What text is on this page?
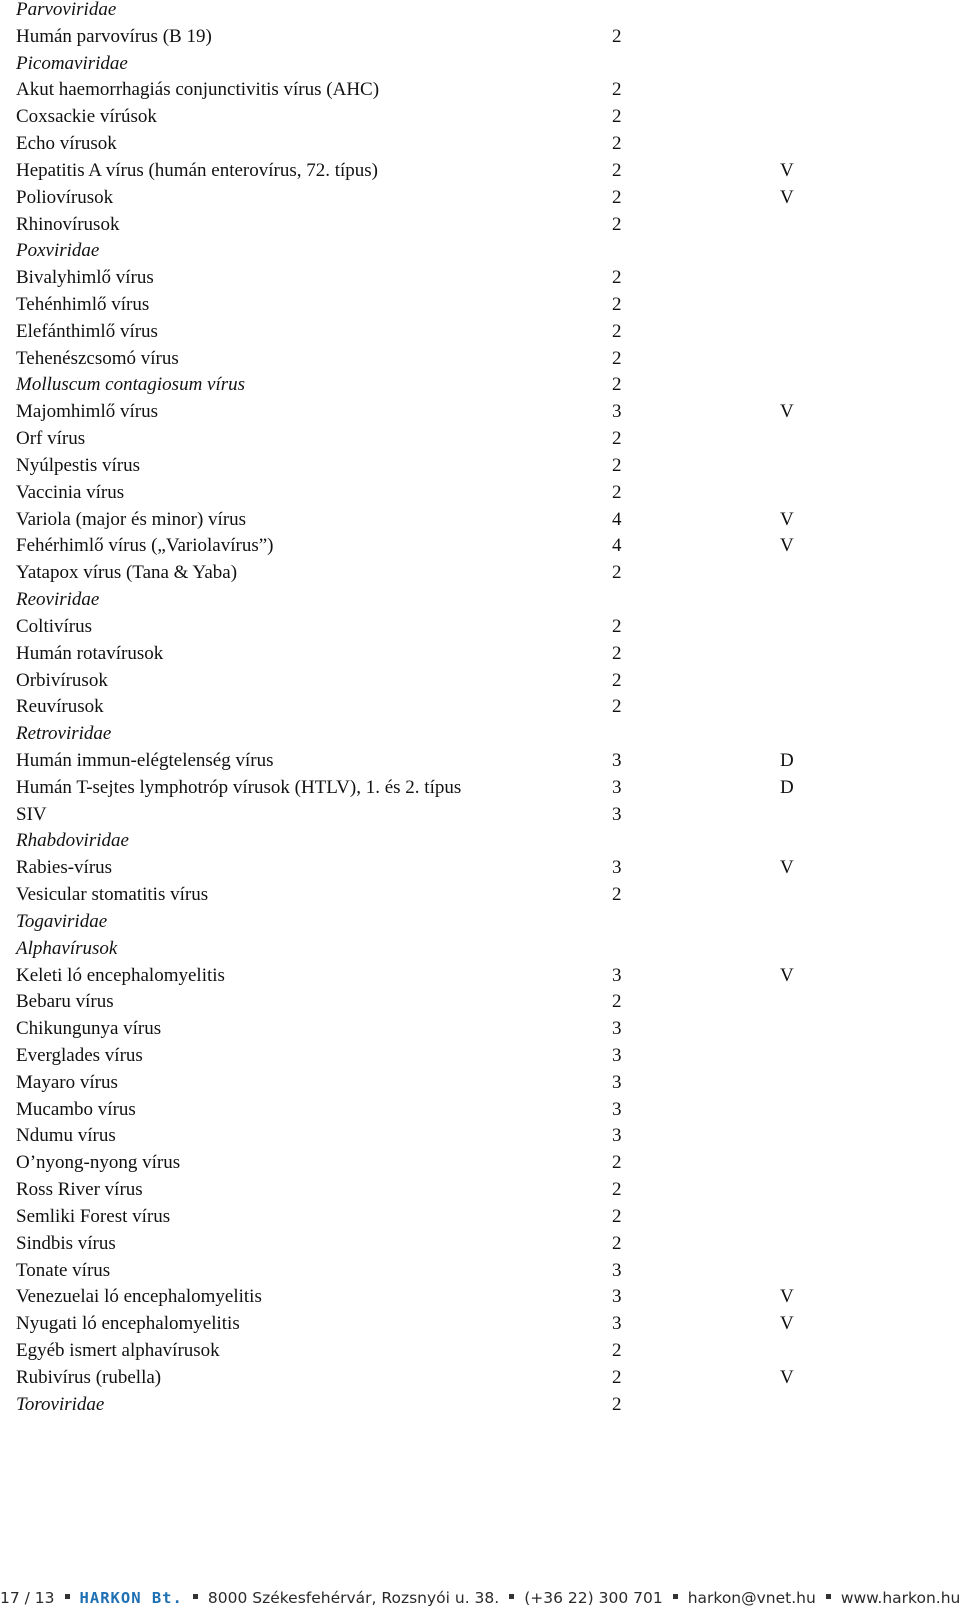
Parvoviridae
Humán parvovírus (B 19)	2
Picomaviridae
Akut haemorrhagiás conjunctivitis vírus (AHC)	2
Coxsackie vírúsok	2
Echo vírusok	2
Hepatitis A vírus (humán enterovírus, 72. típus)	2	V
Poliovírusok	2	V
Rhinovírusok	2
Poxviridae
Bivalyhimlő vírus	2
Tehénhimlő vírus	2
Elefánthimlő vírus	2
Tehenészcsomó vírus	2
Molluscum contagiosum vírus	2
Majomhimlő vírus	3	V
Orf vírus	2
Nyúlpestis vírus	2
Vaccinia vírus	2
Variola (major és minor) vírus	4	V
Fehérhimlő vírus („Variolavírus”)	4	V
Yatapox vírus (Tana & Yaba)	2
Reoviridae
Coltivírus	2
Humán rotavírusok	2
Orbivírusok	2
Reuvírusok	2
Retroviridae
Humán immun-elégtelenség vírus	3	D
Humán T-sejtes lymphotróp vírusok (HTLV), 1. és 2. típus	3	D
SIV	3
Rhabdoviridae
Rabies-vírus	3	V
Vesicular stomatitis vírus	2
Togaviridae
Alphavírusok
Keleti ló encephalomyelitis	3	V
Bebaru vírus	2
Chikungunya vírus	3
Everglades vírus	3
Mayaro vírus	3
Mucambo vírus	3
Ndumu vírus	3
O’nyong-nyong vírus	2
Ross River vírus	2
Semliki Forest vírus	2
Sindbis vírus	2
Tonate vírus	3
Venezuelai ló encephalomyelitis	3	V
Nyugati ló encephalomyelitis	3	V
Egyéb ismert alphavírusok	2
Rubivírus (rubella)	2	V
Toroviridae	2
17 / 13 HARKON Bt. 8000 Székesfehérvár, Rozsnyói u. 38. (+36 22) 300 701 harkon@vnet.hu www.harkon.hu
